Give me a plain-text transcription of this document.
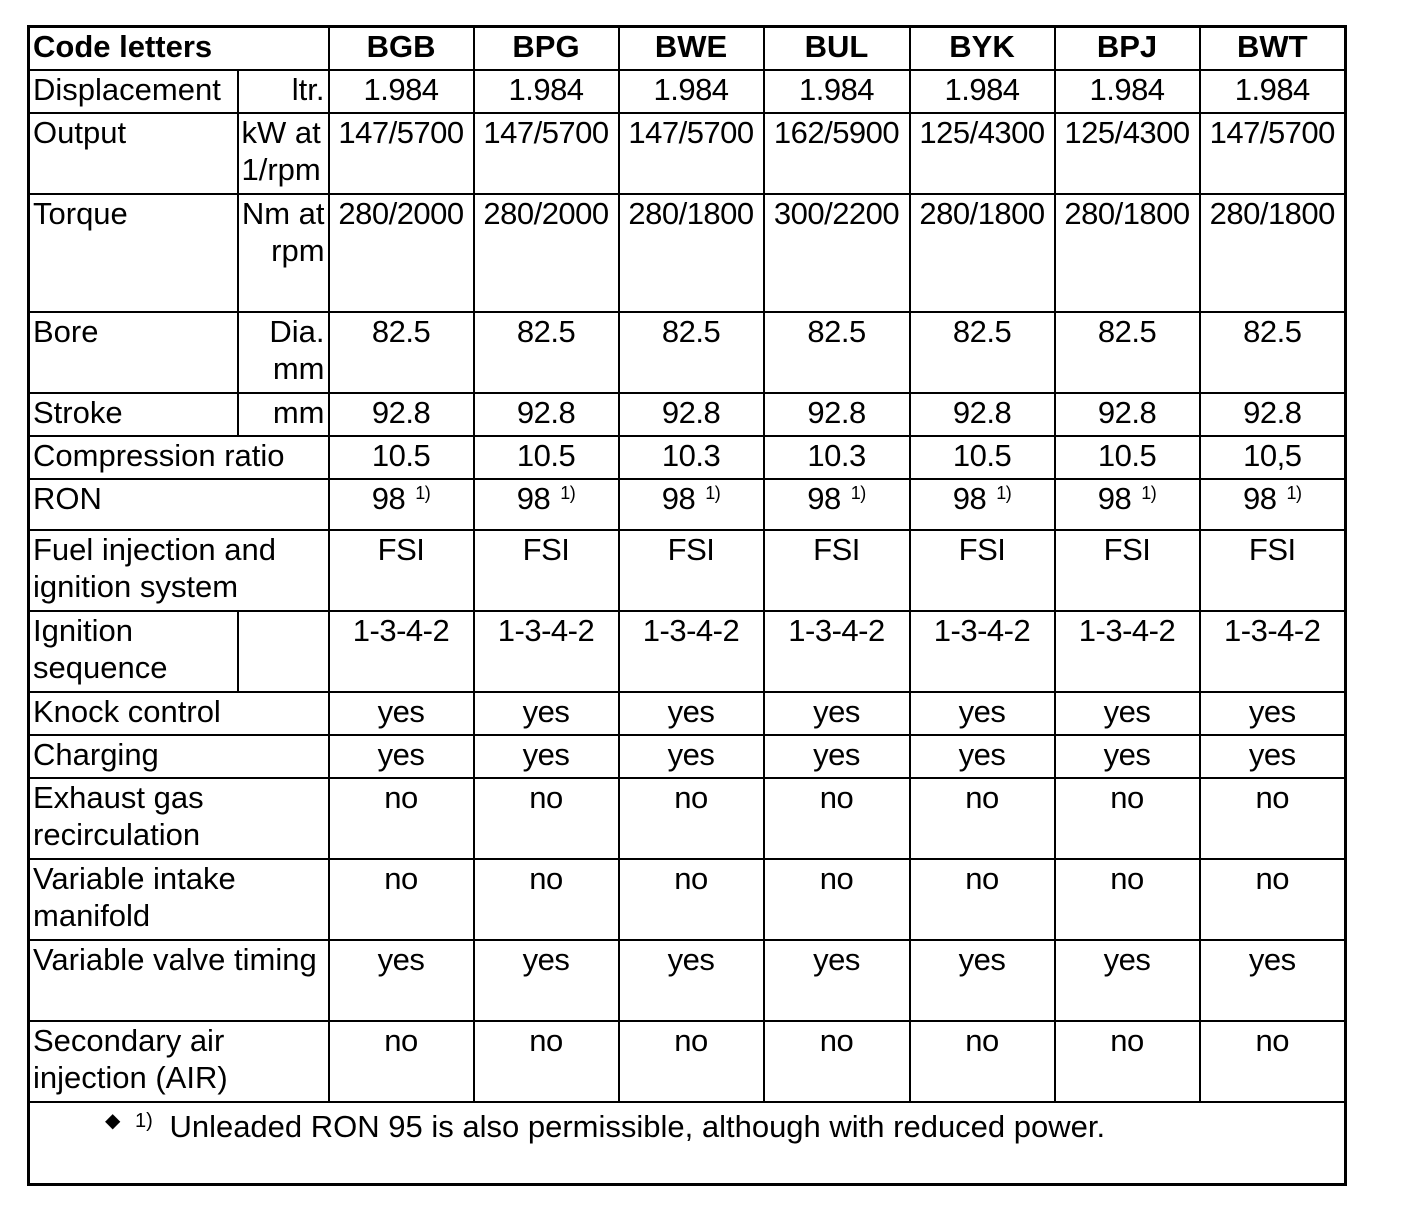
Code letters		BGB	BPG	BWE	BUL	BYK	BPJ	BWT
Displacement	ltr.	1.984	1.984	1.984	1.984	1.984	1.984	1.984
Output	kW at 1/rpm	147/5700	147/5700	147/5700	162/5900	125/4300	125/4300	147/5700
Torque	Nm at rpm	280/2000	280/2000	280/1800	300/2200	280/1800	280/1800	280/1800
Bore	Dia. mm	82.5	82.5	82.5	82.5	82.5	82.5	82.5
Stroke	mm	92.8	92.8	92.8	92.8	92.8	92.8	92.8
Compression ratio		10.5	10.5	10.3	10.3	10.5	10.5	10,5
RON		98 $^{1)}$	98 $^{1)}$	98 $^{1)}$	98 $^{1)}$	98 $^{1)}$	98 $^{1)}$	98 $^{1)}$
Fuel injection and ignition system		FSI	FSI	FSI	FSI	FSI	FSI	FSI
Ignition sequence		1-3-4-2	1-3-4-2	1-3-4-2	1-3-4-2	1-3-4-2	1-3-4-2	1-3-4-2
Knock control		yes	yes	yes	yes	yes	yes	yes
Charging		yes	yes	yes	yes	yes	yes	yes
Exhaust gas recirculation		no	no	no	no	no	no	no
Variable intake manifold		no	no	no	no	no	no	no
Variable valve timing		yes	yes	yes	yes	yes	yes	yes
Secondary air injection (AIR)		no	no	no	no	no	no	no

◆ $^{1)}$ Unleaded RON 95 is also permissible, although with reduced power.								
